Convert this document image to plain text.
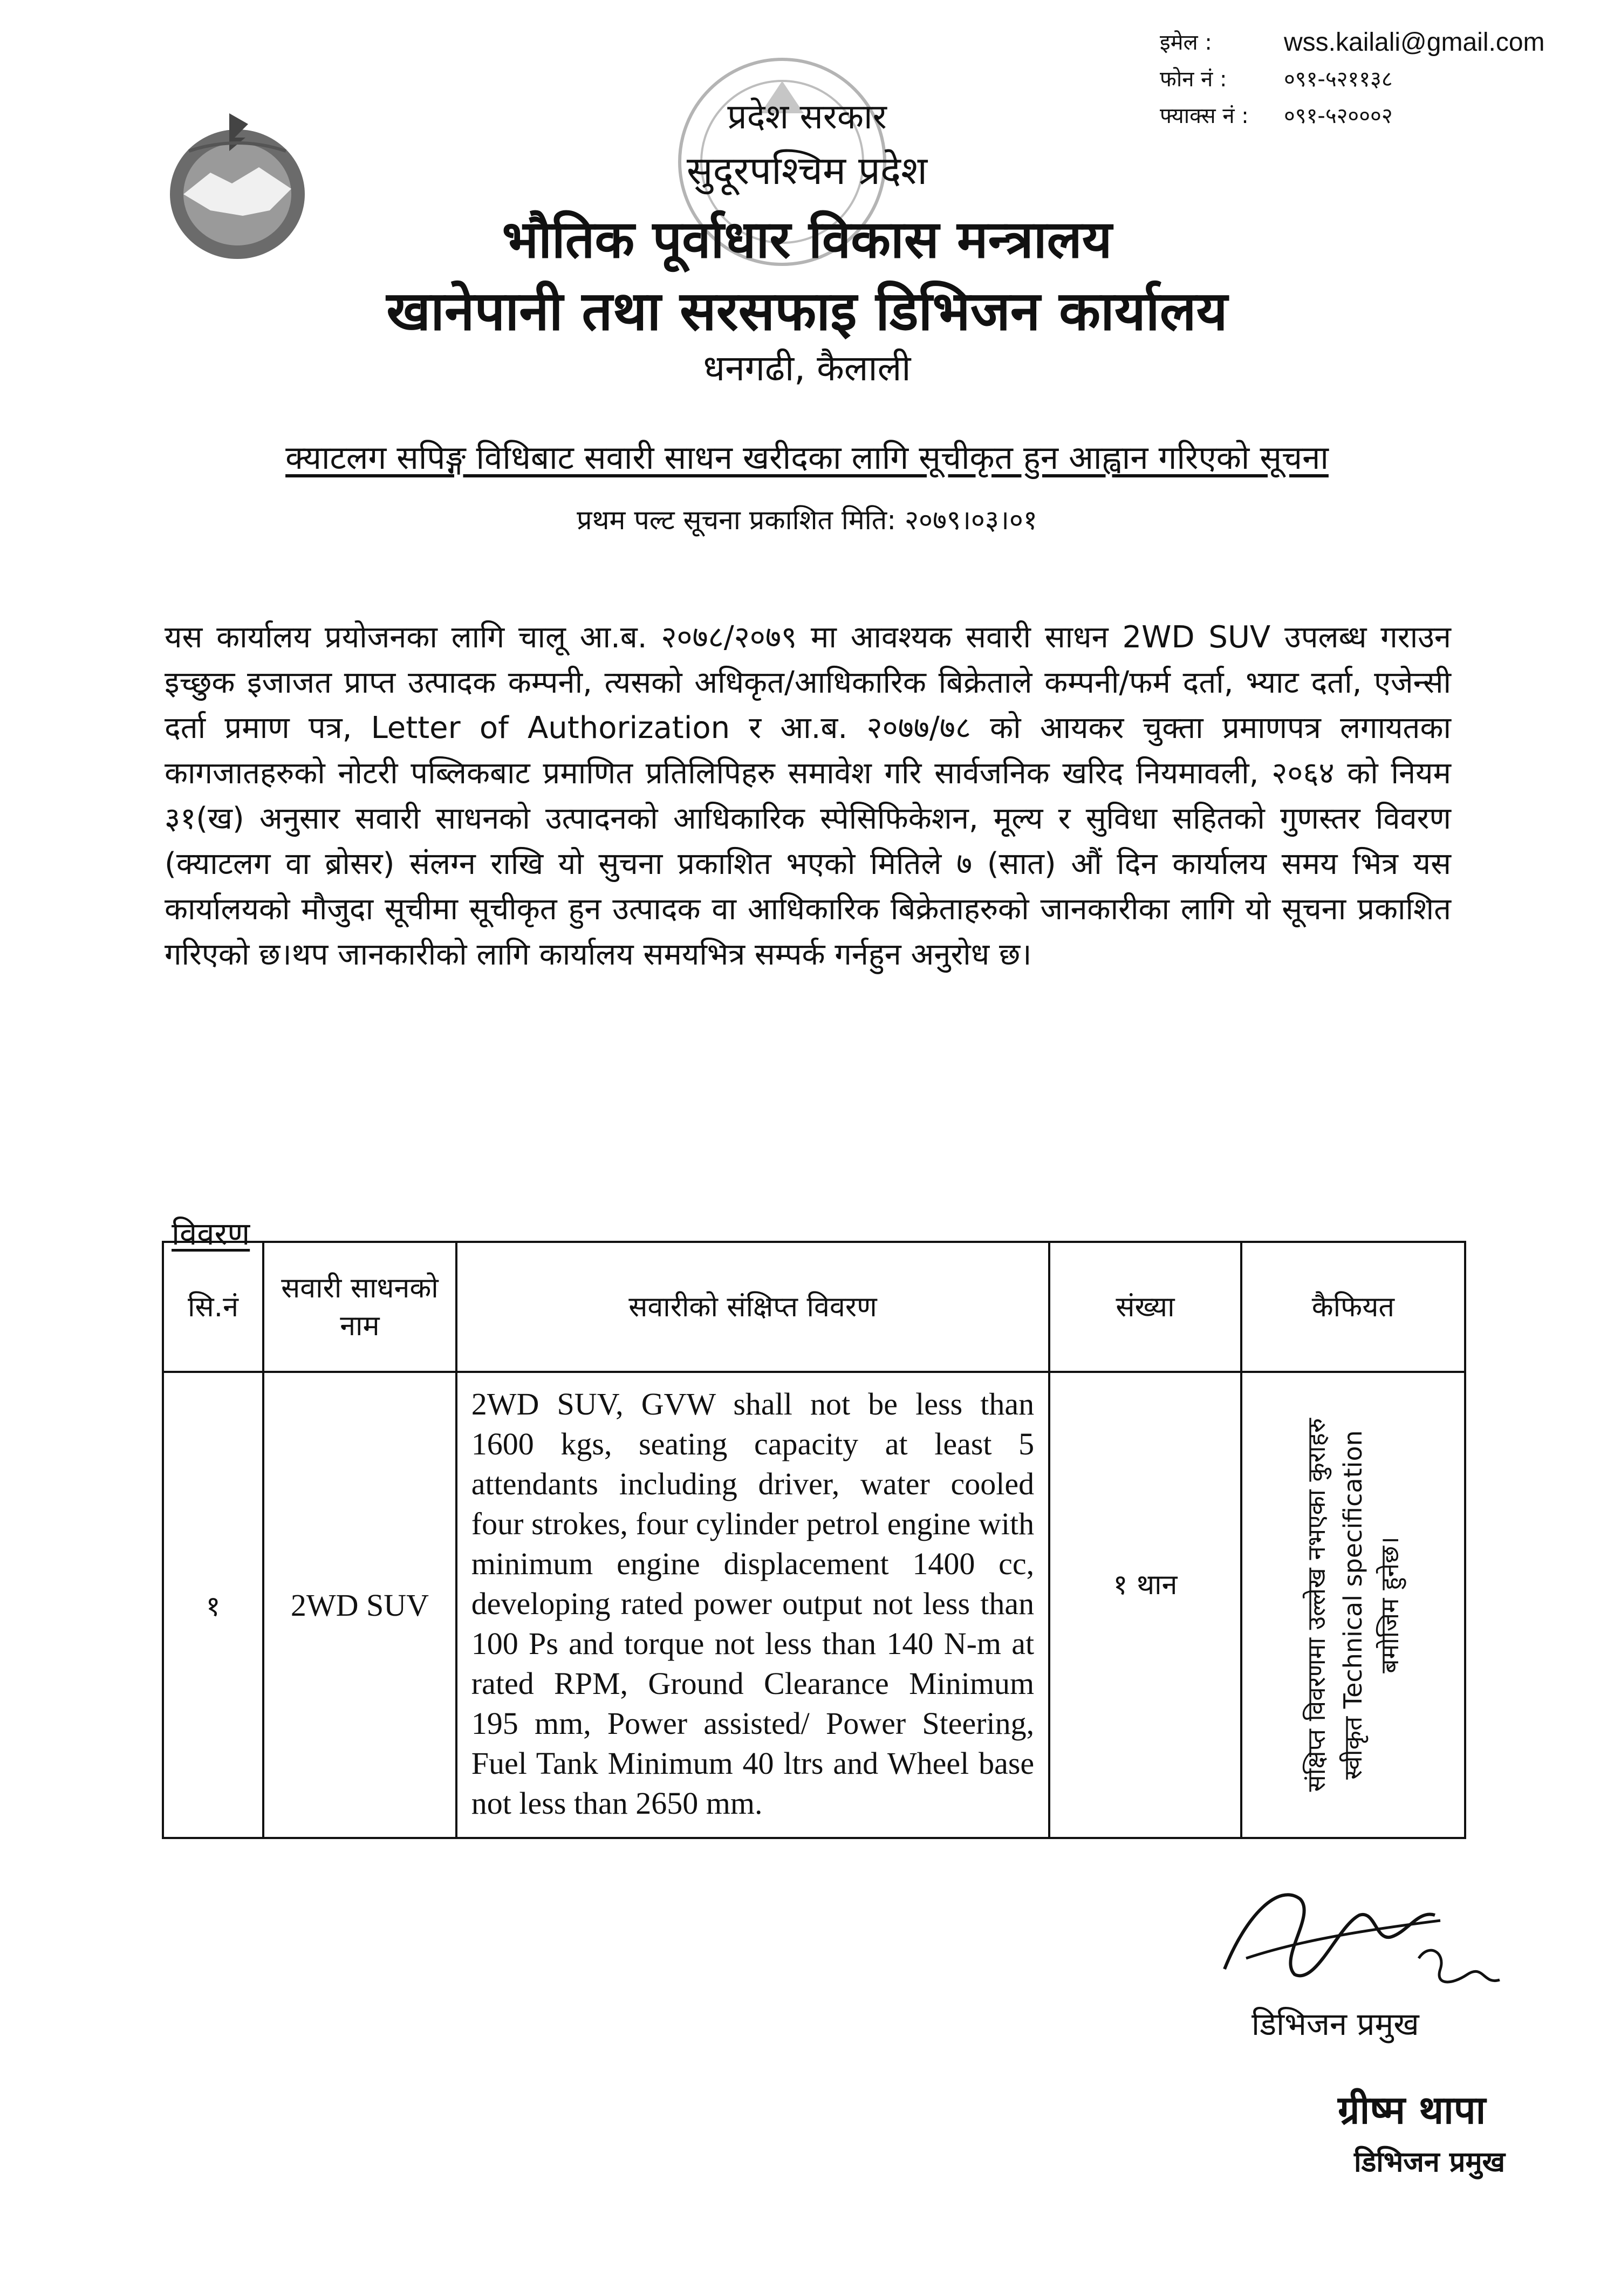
इमेल :	wss.kailali@gmail.com
फोन नं :	०९१-५२११३८
फ्याक्स नं :	०९१-५२०००२
प्रदेश सरकार
सुदूरपश्चिम प्रदेश
भौतिक पूर्वाधार विकास मन्त्रालय
खानेपानी तथा सरसफाइ डिभिजन कार्यालय
धनगढी, कैलाली
क्याटलग सपिङ्ग विधिबाट सवारी साधन खरीदका लागि सूचीकृत हुन आह्वान गरिएको सूचना
प्रथम पल्ट सूचना प्रकाशित मिति: २०७९।०३।०१
यस कार्यालय प्रयोजनका लागि चालू आ.ब. २०७८/२०७९ मा आवश्यक सवारी साधन 2WD SUV उपलब्ध गराउन इच्छुक इजाजत प्राप्त उत्पादक कम्पनी, त्यसको अधिकृत/आधिकारिक बिक्रेताले कम्पनी/फर्म दर्ता, भ्याट दर्ता, एजेन्सी दर्ता प्रमाण पत्र, Letter of Authorization र आ.ब. २०७७/७८ को आयकर चुक्ता प्रमाणपत्र लगायतका कागजातहरुको नोटरी पब्लिकबाट प्रमाणित प्रतिलिपिहरु समावेश गरि सार्वजनिक खरिद नियमावली, २०६४ को नियम ३१(ख) अनुसार सवारी साधनको उत्पादनको आधिकारिक स्पेसिफिकेशन, मूल्य र सुविधा सहितको गुणस्तर विवरण (क्याटलग वा ब्रोसर) संलग्न राखि यो सुचना प्रकाशित भएको मितिले ७ (सात) औं दिन कार्यालय समय भित्र यस कार्यालयको मौजुदा सूचीमा सूचीकृत हुन उत्पादक वा आधिकारिक बिक्रेताहरुको जानकारीका लागि यो सूचना प्रकाशित गरिएको छ।थप जानकारीको लागि कार्यालय समयभित्र सम्पर्क गर्नहुन अनुरोध छ।
विवरण
सि.नं	सवारी साधनको नाम	सवारीको संक्षिप्त विवरण	संख्या	कैफियत
१	2WD SUV	2WD SUV, GVW shall not be less than 1600 kgs, seating capacity at least 5 attendants including driver, water cooled four strokes, four cylinder petrol engine with minimum engine displacement 1400 cc, developing rated power output not less than 100 Ps and torque not less than 140 N-m at rated RPM, Ground Clearance Minimum 195 mm, Power assisted/ Power Steering, Fuel Tank Minimum 40 ltrs and Wheel base not less than 2650 mm.	१ थान	संक्षिप्त विवरणमा उल्लेख नभएका कुराहरु स्वीकृत Technical specification बमोजिम हुनेछ।
डिभिजन प्रमुख
ग्रीष्म थापा
डिभिजन प्रमुख
